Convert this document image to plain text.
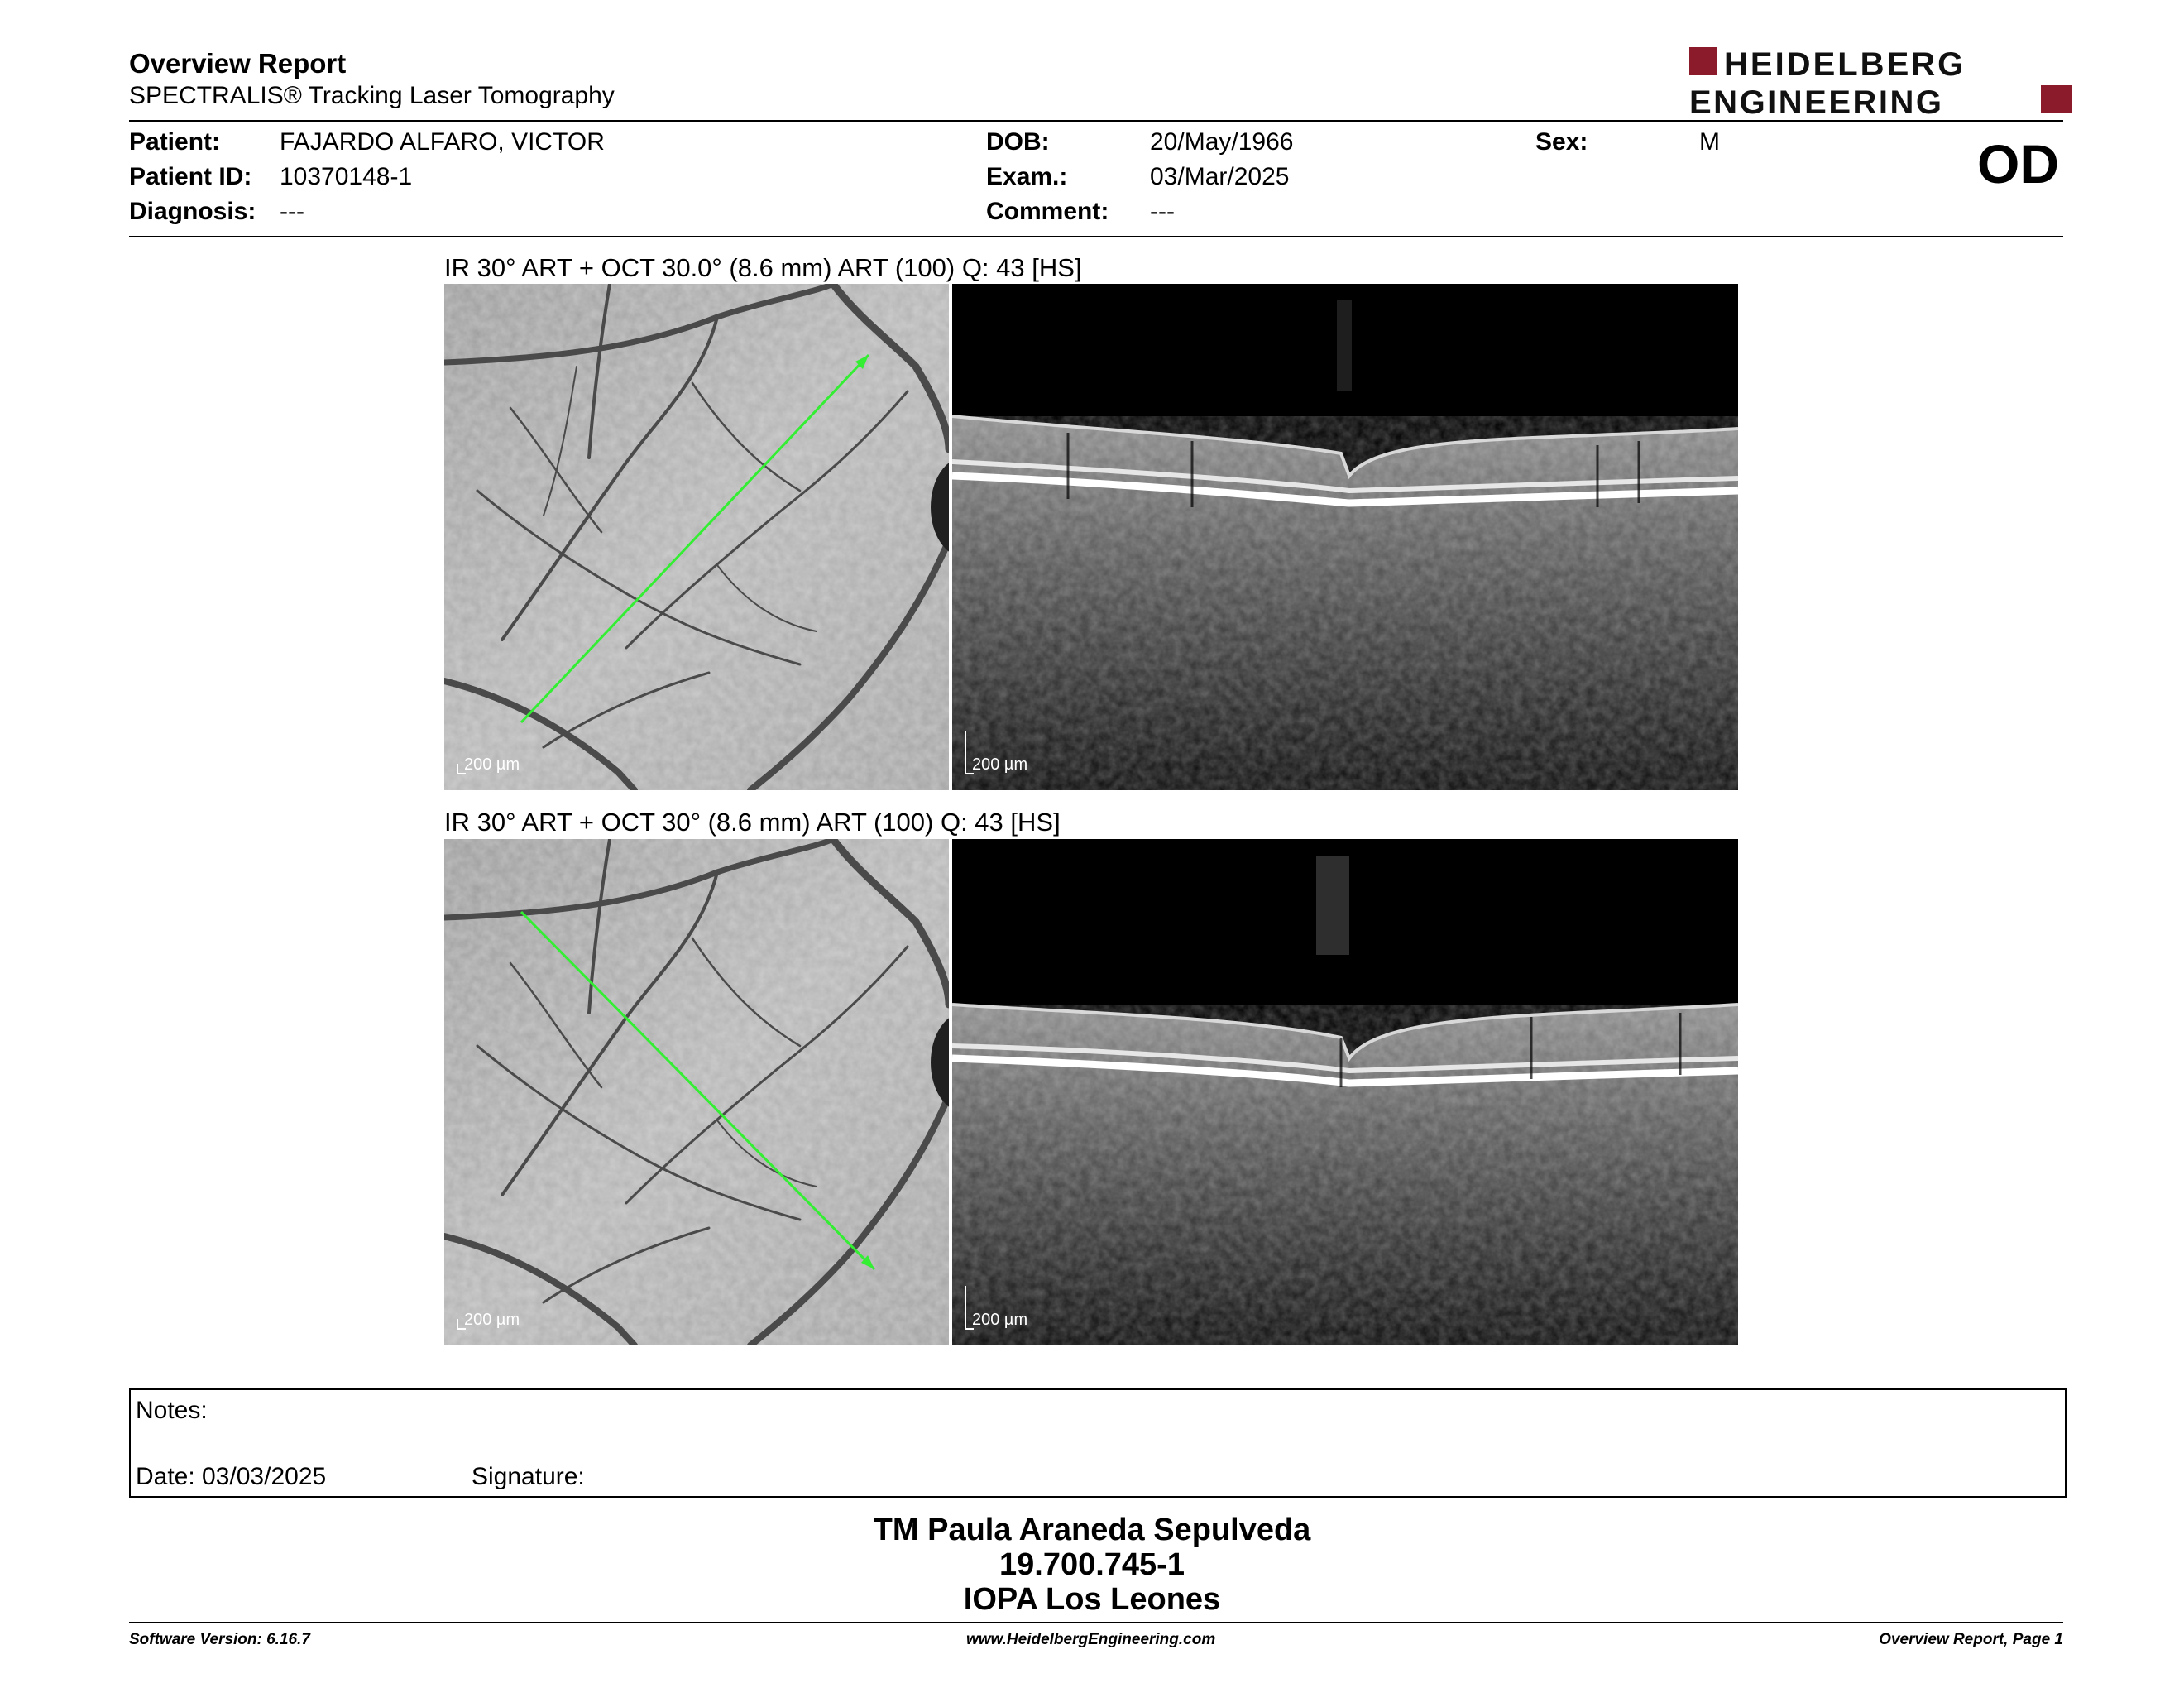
Overview Report
SPECTRALIS® Tracking Laser Tomography
HEIDELBERG
ENGINEERING
Patient: FAJARDO ALFARO, VICTOR
Patient ID: 10370148-1
Diagnosis: ---
DOB:	20/May/1966
Exam.:	03/Mar/2025
Comment: ---
Sex:	M	OD
IR 30° ART + OCT 30.0° (8.6 mm) ART (100) Q: 43 [HS]
200 µm	200 µm
IR 30° ART + OCT 30° (8.6 mm) ART (100) Q: 43 [HS]
200 µm	200 µm
Notes:
Date: 03/03/2025	Signature:
TM Paula Araneda Sepulveda
19.700.745-1
IOPA Los Leones
Software Version: 6.16.7	www.HeidelbergEngineering.com	Overview Report, Page 1
